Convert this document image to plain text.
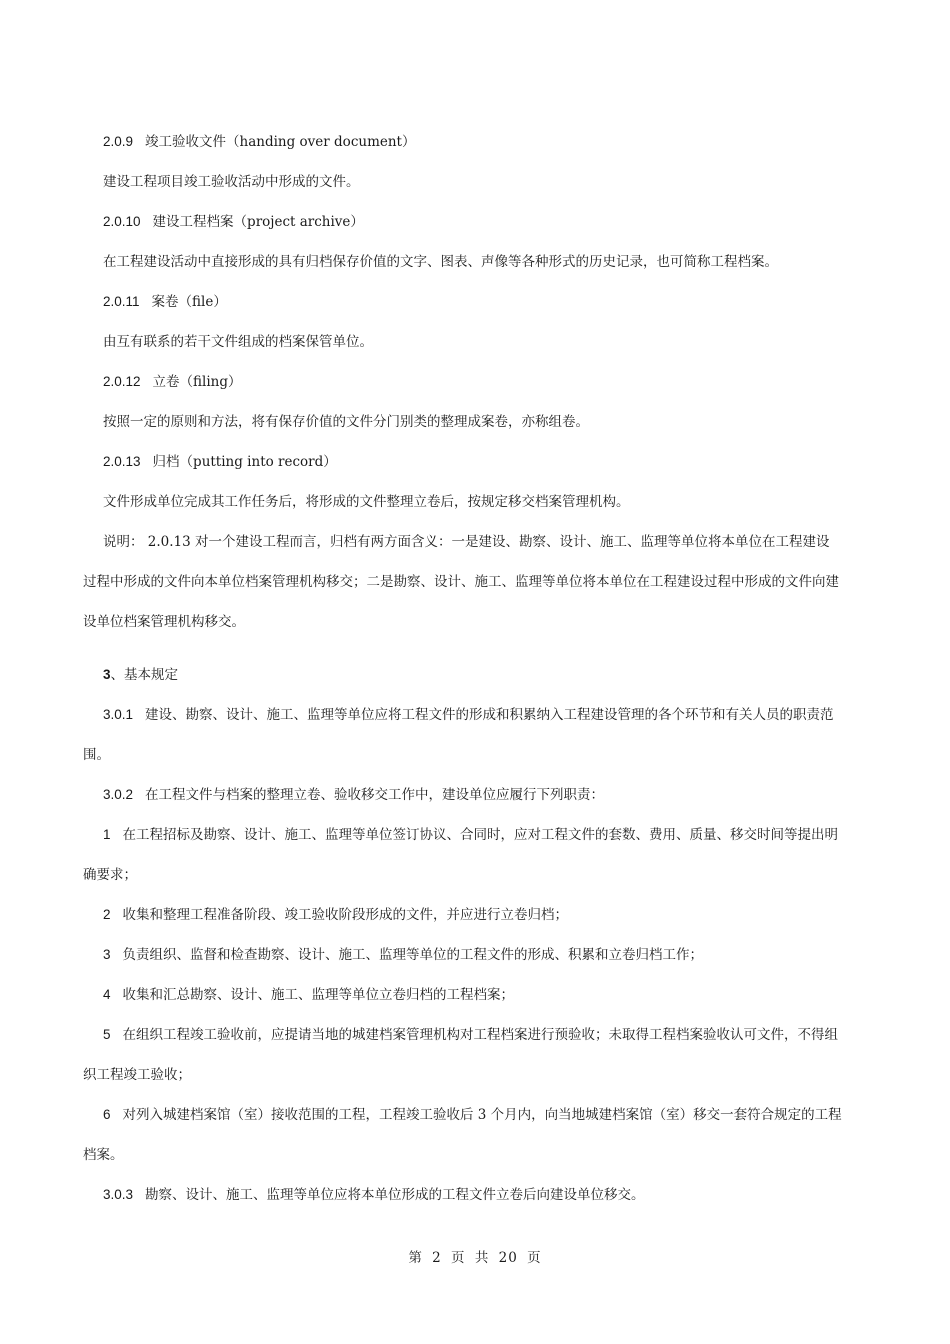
2.0.9 竣工验收文件（handing over document）
建设工程项目竣工验收活动中形成的文件。
2.0.10 建设工程档案（project archive）
在工程建设活动中直接形成的具有归档保存价值的文字、图表、声像等各种形式的历史记录，也可简称工程档案。
2.0.11 案卷（file）
由互有联系的若干文件组成的档案保管单位。
2.0.12 立卷（filing）
按照一定的原则和方法，将有保存价值的文件分门别类的整理成案卷，亦称组卷。
2.0.13 归档（putting into record）
文件形成单位完成其工作任务后，将形成的文件整理立卷后，按规定移交档案管理机构。
说明： 2.0.13 对一个建设工程而言，归档有两方面含义：一是建设、勘察、设计、施工、监理等单位将本单位在工程建设
过程中形成的文件向本单位档案管理机构移交；二是勘察、设计、施工、监理等单位将本单位在工程建设过程中形成的文件向建
设单位档案管理机构移交。
3、基本规定
3.0.1 建设、勘察、设计、施工、监理等单位应将工程文件的形成和积累纳入工程建设管理的各个环节和有关人员的职责范
围。
3.0.2 在工程文件与档案的整理立卷、验收移交工作中，建设单位应履行下列职责：
1 在工程招标及勘察、设计、施工、监理等单位签订协议、合同时，应对工程文件的套数、费用、质量、移交时间等提出明
确要求；
2 收集和整理工程准备阶段、竣工验收阶段形成的文件，并应进行立卷归档；
3 负责组织、监督和检查勘察、设计、施工、监理等单位的工程文件的形成、积累和立卷归档工作；
4 收集和汇总勘察、设计、施工、监理等单位立卷归档的工程档案；
5 在组织工程竣工验收前，应提请当地的城建档案管理机构对工程档案进行预验收；未取得工程档案验收认可文件，不得组
织工程竣工验收；
6 对列入城建档案馆（室）接收范围的工程，工程竣工验收后 3 个月内，向当地城建档案馆（室）移交一套符合规定的工程
档案。
3.0.3 勘察、设计、施工、监理等单位应将本单位形成的工程文件立卷后向建设单位移交。
第 2 页 共 20 页
